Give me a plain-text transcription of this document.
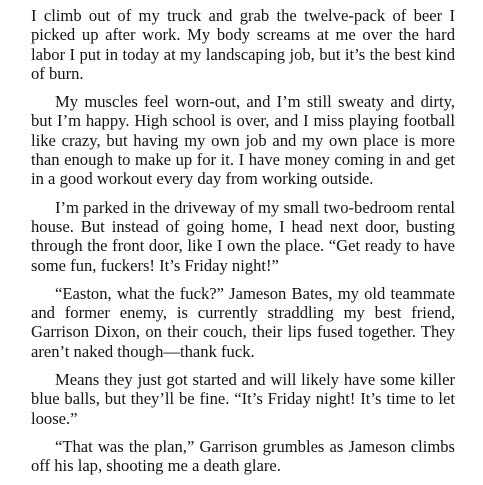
I climb out of my truck and grab the twelve-pack of beer I picked up after work. My body screams at me over the hard labor I put in today at my landscaping job, but it’s the best kind of burn.

My muscles feel worn-out, and I’m still sweaty and dirty, but I’m happy. High school is over, and I miss playing football like crazy, but having my own job and my own place is more than enough to make up for it. I have money coming in and get in a good workout every day from working outside.

I’m parked in the driveway of my small two-bedroom rental house. But instead of going home, I head next door, busting through the front door, like I own the place. “Get ready to have some fun, fuckers! It’s Friday night!”

“Easton, what the fuck?” Jameson Bates, my old teammate and former enemy, is currently straddling my best friend, Garrison Dixon, on their couch, their lips fused together. They aren’t naked though—thank fuck.

Means they just got started and will likely have some killer blue balls, but they’ll be fine. “It’s Friday night! It’s time to let loose.”

“That was the plan,” Garrison grumbles as Jameson climbs off his lap, shooting me a death glare.
